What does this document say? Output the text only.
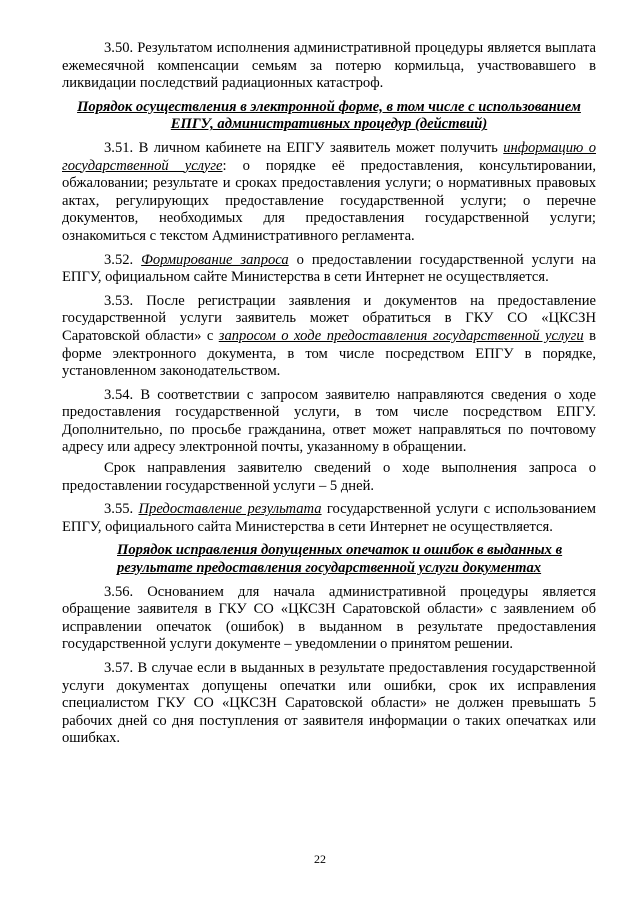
3.50. Результатом исполнения административной процедуры является выплата ежемесячной компенсации семьям за потерю кормильца, участвовавшего в ликвидации последствий радиационных катастроф.

Порядок осуществления в электронной форме, в том числе с использованием ЕПГУ, административных процедур (действий)

3.51. В личном кабинете на ЕПГУ заявитель может получить информацию о государственной услуге: о порядке её предоставления, консультировании, обжаловании; результате и сроках предоставления услуги; о нормативных правовых актах, регулирующих предоставление государственной услуги; о перечне документов, необходимых для предоставления государственной услуги; ознакомиться с текстом Административного регламента.

3.52. Формирование запроса о предоставлении государственной услуги на ЕПГУ, официальном сайте Министерства в сети Интернет не осуществляется.

3.53. После регистрации заявления и документов на предоставление государственной услуги заявитель может обратиться в ГКУ СО «ЦКСЗН Саратовской области» с запросом о ходе предоставления государственной услуги в форме электронного документа, в том числе посредством ЕПГУ в порядке, установленном законодательством.

3.54. В соответствии с запросом заявителю направляются сведения о ходе предоставления государственной услуги, в том числе посредством ЕПГУ. Дополнительно, по просьбе гражданина, ответ может направляться по почтовому адресу или адресу электронной почты, указанному в обращении.

Срок направления заявителю сведений о ходе выполнения запроса о предоставлении государственной услуги – 5 дней.

3.55. Предоставление результата государственной услуги с использованием ЕПГУ, официального сайта Министерства в сети Интернет не осуществляется.

Порядок исправления допущенных опечаток и ошибок в выданных в
результате предоставления государственной услуги документах

3.56. Основанием для начала административной процедуры является обращение заявителя в ГКУ СО «ЦКСЗН Саратовской области» с заявлением об исправлении опечаток (ошибок) в выданном в результате предоставления государственной услуги документе – уведомлении о принятом решении.

3.57. В случае если в выданных в результате предоставления государственной услуги документах допущены опечатки или ошибки, срок их исправления специалистом ГКУ СО «ЦКСЗН Саратовской области» не должен превышать 5 рабочих дней со дня поступления от заявителя информации о таких опечатках или ошибках.

22
